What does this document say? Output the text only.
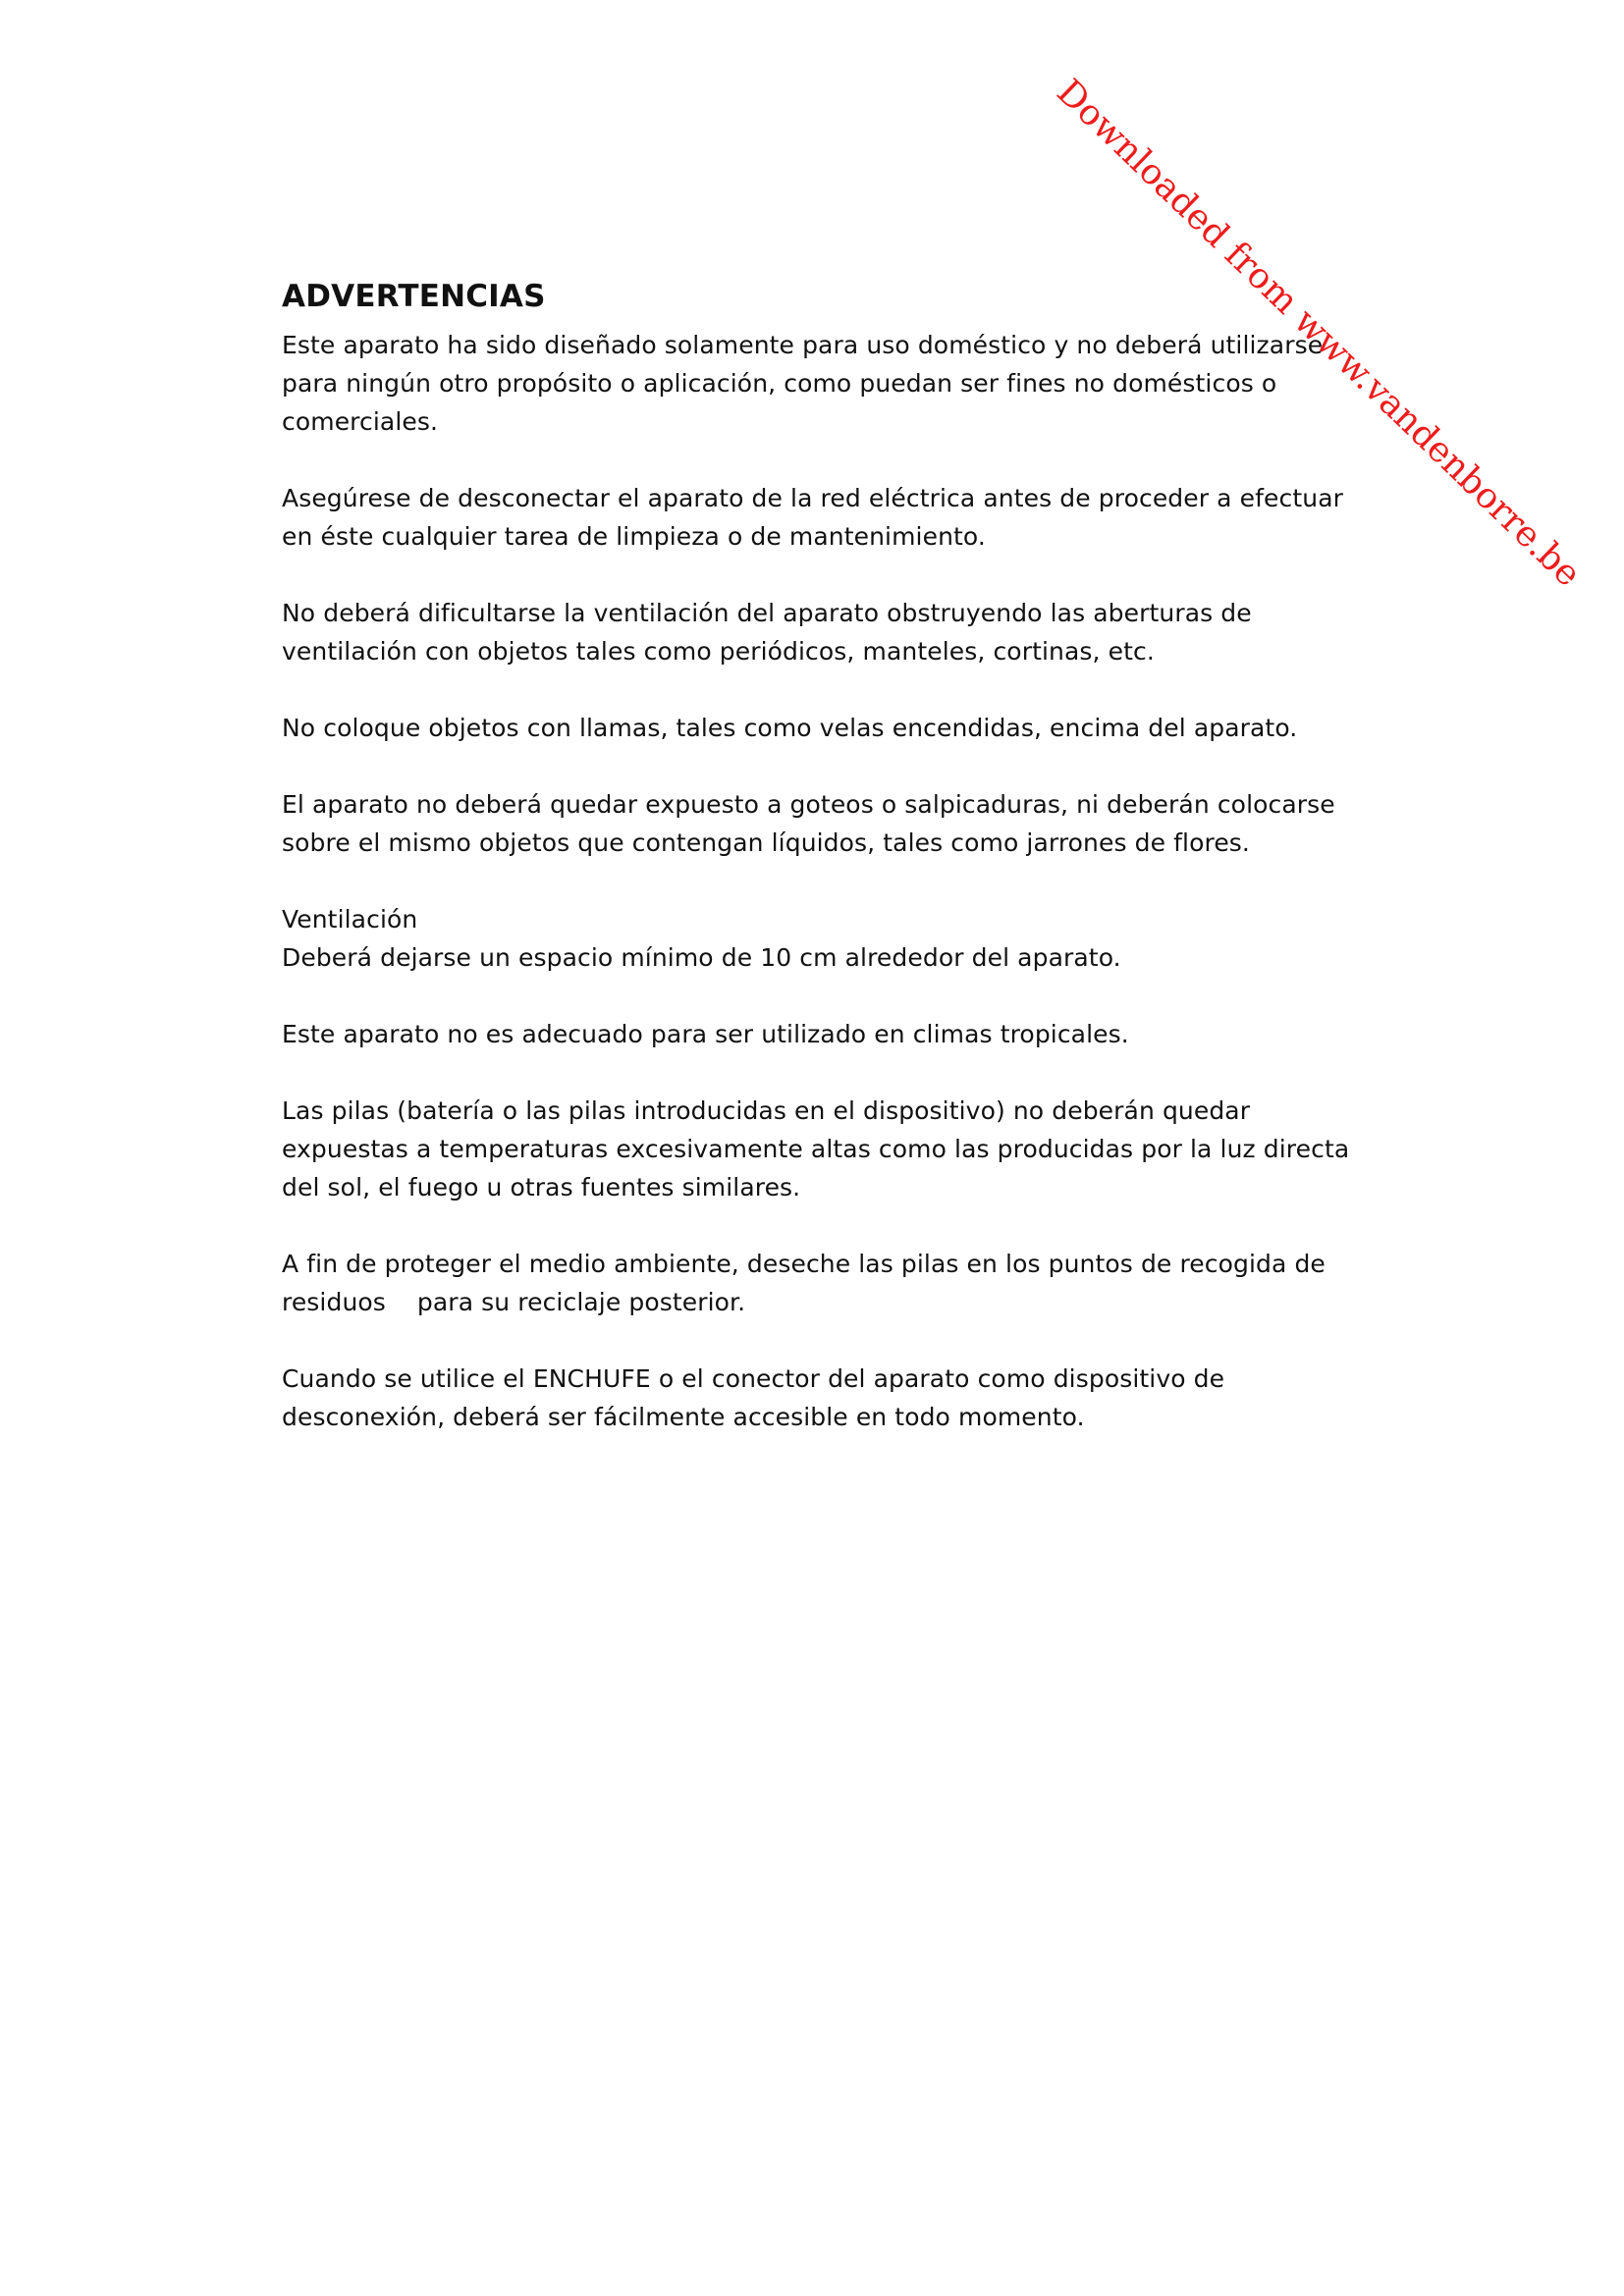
Downloaded from www.vandenborre.be
ADVERTENCIAS

Este aparato ha sido diseñado solamente para uso doméstico y no deberá utilizarse
para ningún otro propósito o aplicación, como puedan ser fines no domésticos o
comerciales.

Asegúrese de desconectar el aparato de la red eléctrica antes de proceder a efectuar
en éste cualquier tarea de limpieza o de mantenimiento.

No deberá dificultarse la ventilación del aparato obstruyendo las aberturas de
ventilación con objetos tales como periódicos, manteles, cortinas, etc.

No coloque objetos con llamas, tales como velas encendidas, encima del aparato.

El aparato no deberá quedar expuesto a goteos o salpicaduras, ni deberán colocarse
sobre el mismo objetos que contengan líquidos, tales como jarrones de flores.

Ventilación
Deberá dejarse un espacio mínimo de 10 cm alrededor del aparato.

Este aparato no es adecuado para ser utilizado en climas tropicales.

Las pilas (batería o las pilas introducidas en el dispositivo) no deberán quedar
expuestas a temperaturas excesivamente altas como las producidas por la luz directa
del sol, el fuego u otras fuentes similares.

A fin de proteger el medio ambiente, deseche las pilas en los puntos de recogida de
residuos para su reciclaje posterior.

Cuando se utilice el ENCHUFE o el conector del aparato como dispositivo de
desconexión, deberá ser fácilmente accesible en todo momento.
